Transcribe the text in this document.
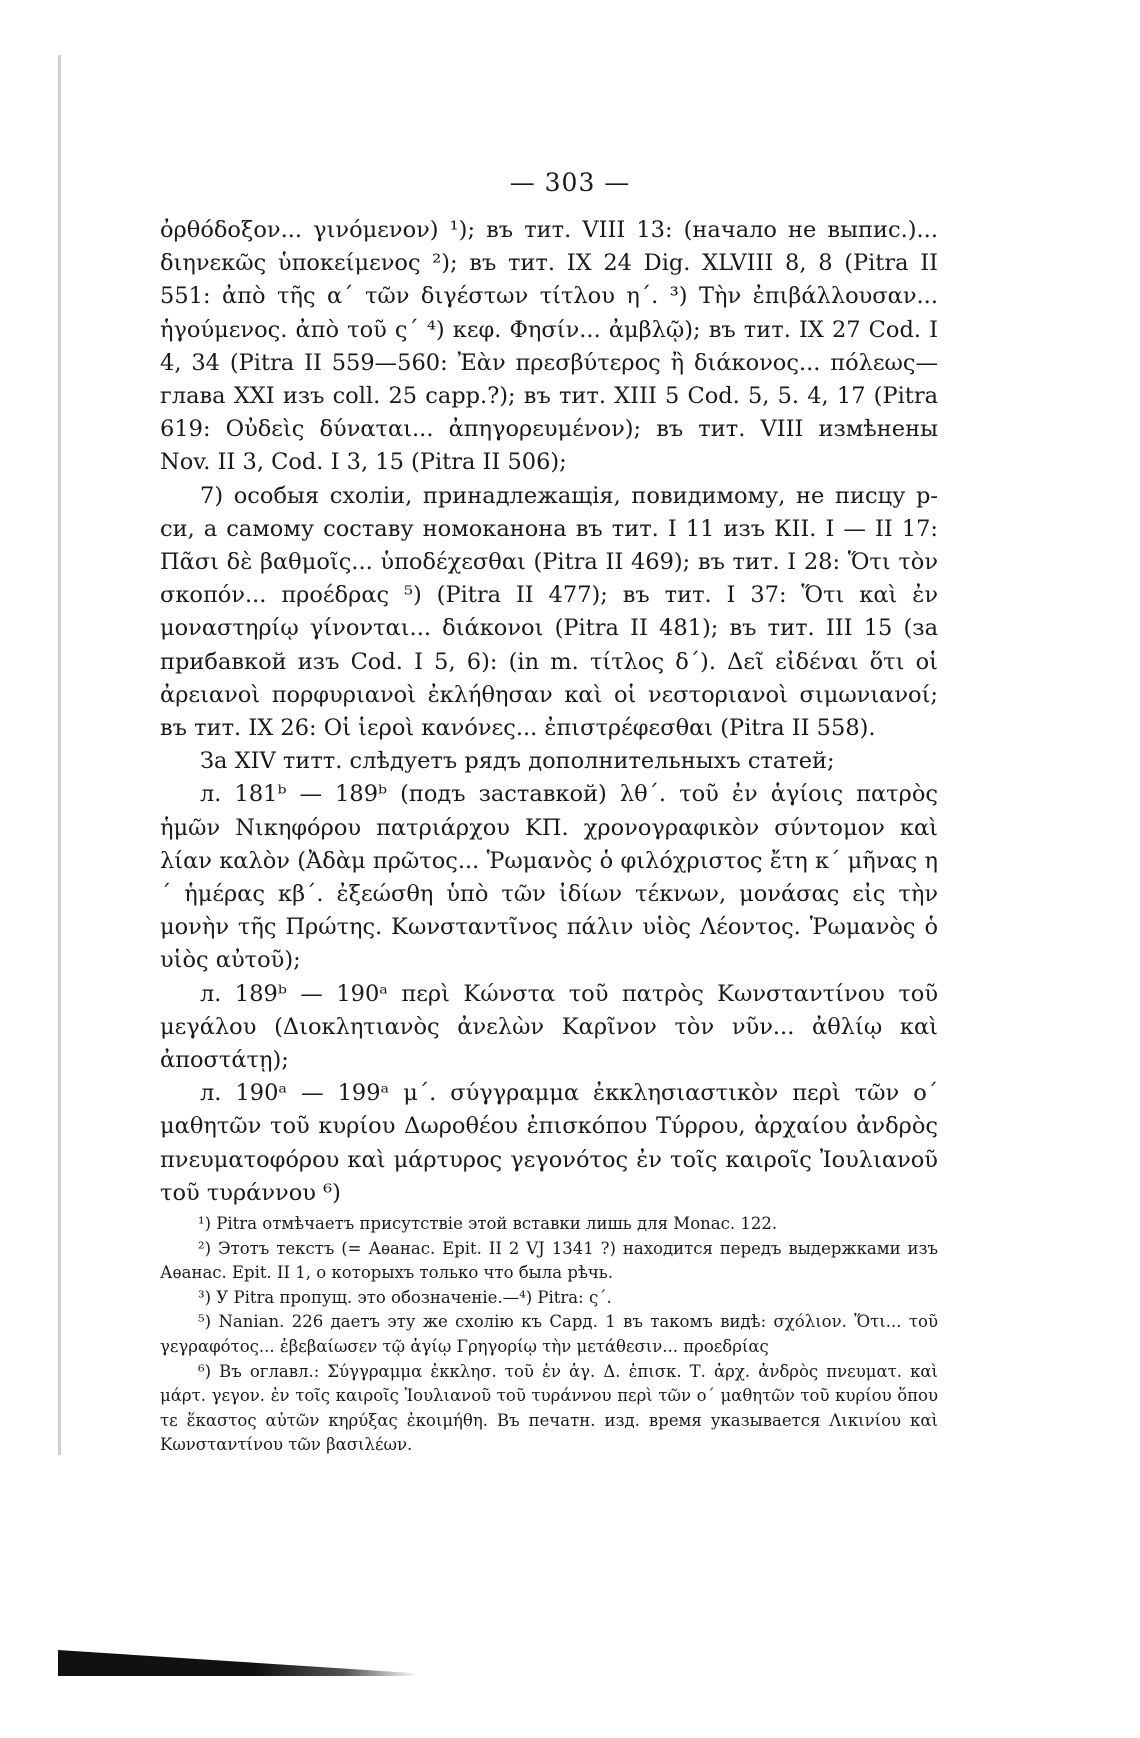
— 303 —

ὀρθόδοξον... γινόμενον) ¹); въ тит. VIII 13: (начало не выпис.)... διηνεκῶς ὑποκείμενος ²); въ тит. IX 24 Dig. XLVIII 8, 8 (Pitra II 551: ἀπὸ τῆς α´ τῶν διγέστων τίτλου η´. ³) Τὴν ἐπιβάλλουσαν... ἡγούμενος. ἀπὸ τοῦ ς´ ⁴) κεφ. Φησίν... ἀμβλῷ); въ тит. IX 27 Cod. I 4, 34 (Pitra II 559—560: Ἐὰν πρεσβύτερος ἢ διάκονος... πόλεως— глава XXI изъ coll. 25 capp.?); въ тит. XIII 5 Cod. 5, 5. 4, 17 (Pitra 619: Οὐδεὶς δύναται... ἀπηγορευμένον); въ тит. VIII измѣнены Nov. II 3, Cod. I 3, 15 (Pitra II 506);

7) особыя схоліи, принадлежащія, повидимому, не писцу р-си, а самому составу номоканона въ тит. I 11 изъ КII. I — II 17: Πᾶσι δὲ βαθμοῖς... ὑποδέχεσθαι (Pitra II 469); въ тит. I 28: Ὅτι τὸν σκοπόν... προέδρας ⁵) (Pitra II 477); въ тит. I 37: Ὅτι καὶ ἐν μοναστηρίῳ γίνονται... διάκονοι (Pitra II 481); въ тит. III 15 (за прибавкой изъ Cod. I 5, 6): (in m. τίτλος δ´). Δεῖ εἰδέναι ὅτι οἱ ἀρειανοὶ πορφυριανοὶ ἐκλήθησαν καὶ οἱ νεστοριανοὶ σιμωνιανοί; въ тит. IX 26: Οἱ ἱεροὶ κανόνες... ἐπιστρέφεσθαι (Pitra II 558).

За XIV титт. слѣдуетъ рядъ дополнительныхъ статей;

л. 181ᵇ — 189ᵇ (подъ заставкой) λθ´. τοῦ ἐν ἁγίοις πατρὸς ἡμῶν Νικηφόρου πατριάρχου ΚΠ. χρονογραφικὸν σύντομον καὶ λίαν καλὸν (Ἀδὰμ πρῶτος... Ῥωμανὸς ὁ φιλόχριστος ἔτη κ´ μῆνας η´ ἡμέρας κβ´. ἐξεώσθη ὑπὸ τῶν ἰδίων τέκνων, μονάσας εἰς τὴν μονὴν τῆς Πρώτης. Κωνσταντῖνος πάλιν υἱὸς Λέοντος. Ῥωμανὸς ὁ υἱὸς αὐτοῦ);

л. 189ᵇ — 190ᵃ περὶ Κώνστα τοῦ πατρὸς Κωνσταντίνου τοῦ μεγάλου (Διοκλητιανὸς ἀνελὼν Καρῖνον τὸν νῦν... ἀθλίῳ καὶ ἀποστάτῃ);

л. 190ᵃ — 199ᵃ μ´. σύγγραμμα ἐκκλησιαστικὸν περὶ τῶν ο´ μαθητῶν τοῦ κυρίου Δωροθέου ἐπισκόπου Τύρρου, ἀρχαίου ἀνδρὸς πνευματοφόρου καὶ μάρτυρος γεγονότος ἐν τοῖς καιροῖς Ἰουλιανοῦ τοῦ τυράννου ⁶)

¹) Pitra отмѣчаетъ присутствіе этой вставки лишь для Monac. 122.

²) Этотъ текстъ (= Аѳанас. Epit. II 2 VJ 1341 ?) находится передъ выдержками изъ Аѳанас. Epit. II 1, о которыхъ только что была рѣчь.

³) У Pitra пропущ. это обозначеніе.—⁴) Pitra: ς´.

⁵) Nanian. 226 даетъ эту же схолію къ Сард. 1 въ такомъ видѣ: σχόλιον. Ὅτι... τοῦ γεγραφότος... ἐβεβαίωσεν τῷ ἁγίῳ Γρηγορίῳ τὴν μετάθεσιν... προεδρίας

⁶) Въ оглавл.: Σύγγραμμα ἐκκλησ. τοῦ ἐν ἁγ. Δ. ἐπισκ. Τ. ἀρχ. ἀνδρὸς πνευματ. καὶ μάρτ. γεγον. ἐν τοῖς καιροῖς Ἰουλιανοῦ τοῦ τυράννου περὶ τῶν ο´ μαθητῶν τοῦ κυρίου ὅπου τε ἕκαστος αὐτῶν κηρύξας ἐκοιμήθη. Въ печатн. изд. время указывается Λικινίου καὶ Κωνσταντίνου τῶν βασιλέων.
